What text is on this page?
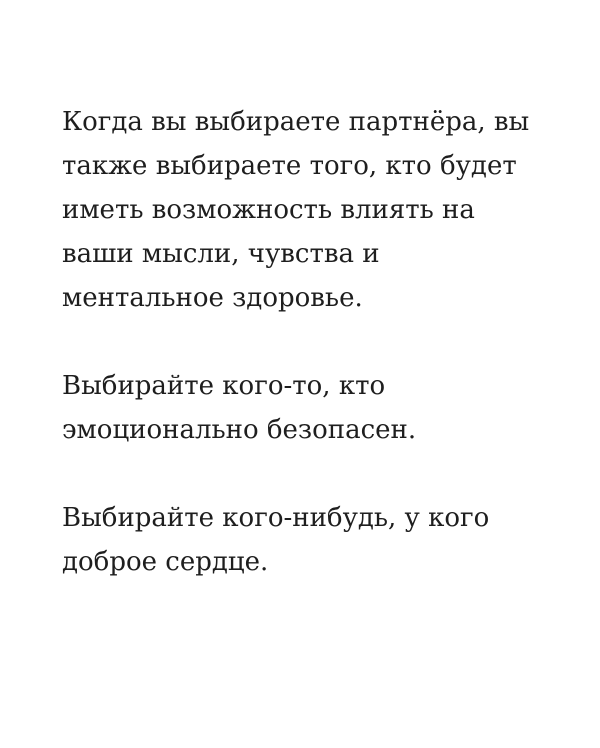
Когда вы выбираете партнёра, вы
также выбираете того, кто будет
иметь возможность влиять на
ваши мысли, чувства и
ментальное здоровье.

Выбирайте кого-то, кто
эмоционально безопасен.

Выбирайте кого-нибудь, у кого
доброе сердце.
